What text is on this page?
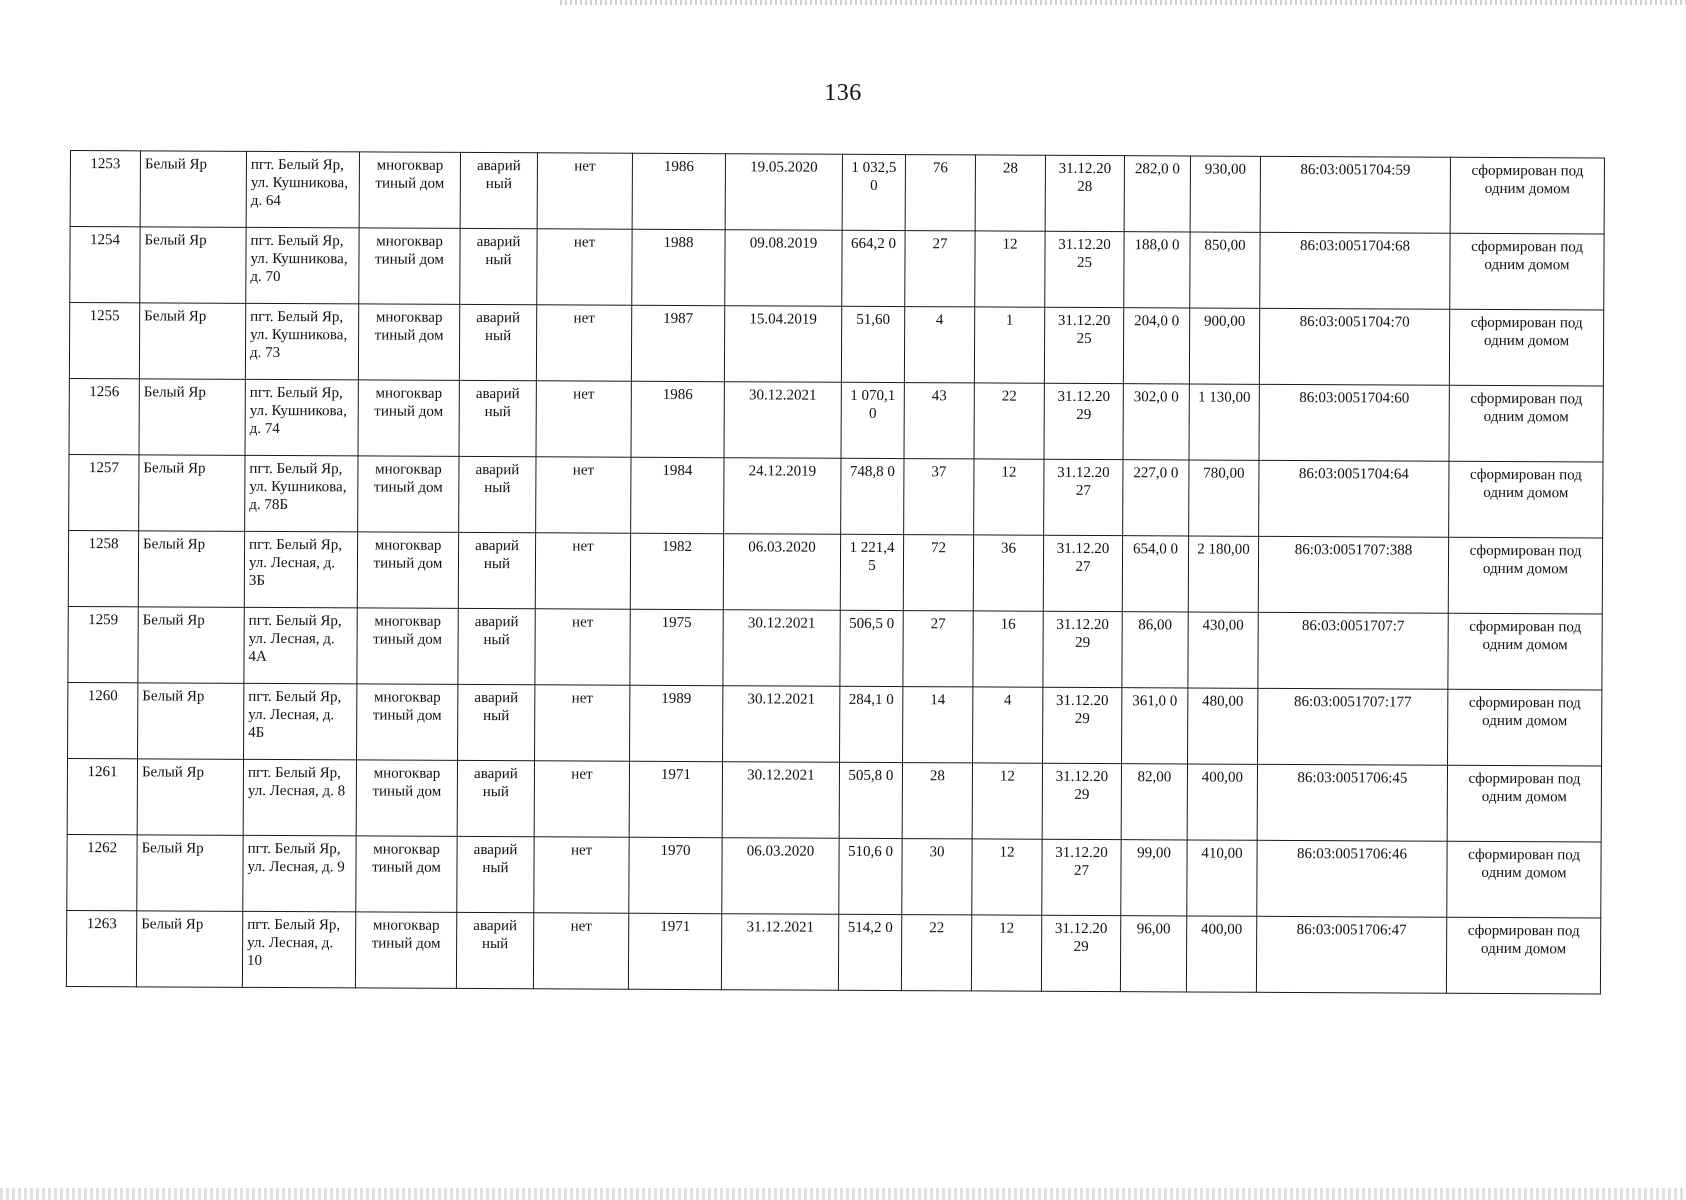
136
1253	Белый Яр	пгт. Белый Яр, ул. Кушникова, д. 64	многоквар тиный дом	аварий ный	нет	1986	19.05.2020	1 032,5 0	76	28	31.12.20 28	282,0 0	930,00	86:03:0051704:59	сформирован под одним домом
1254	Белый Яр	пгт. Белый Яр, ул. Кушникова, д. 70	многоквар тиный дом	аварий ный	нет	1988	09.08.2019	664,2 0	27	12	31.12.20 25	188,0 0	850,00	86:03:0051704:68	сформирован под одним домом
1255	Белый Яр	пгт. Белый Яр, ул. Кушникова, д. 73	многоквар тиный дом	аварий ный	нет	1987	15.04.2019	51,60	4	1	31.12.20 25	204,0 0	900,00	86:03:0051704:70	сформирован под одним домом
1256	Белый Яр	пгт. Белый Яр, ул. Кушникова, д. 74	многоквар тиный дом	аварий ный	нет	1986	30.12.2021	1 070,1 0	43	22	31.12.20 29	302,0 0	1 130,00	86:03:0051704:60	сформирован под одним домом
1257	Белый Яр	пгт. Белый Яр, ул. Кушникова, д. 78Б	многоквар тиный дом	аварий ный	нет	1984	24.12.2019	748,8 0	37	12	31.12.20 27	227,0 0	780,00	86:03:0051704:64	сформирован под одним домом
1258	Белый Яр	пгт. Белый Яр, ул. Лесная, д. 3Б	многоквар тиный дом	аварий ный	нет	1982	06.03.2020	1 221,4 5	72	36	31.12.20 27	654,0 0	2 180,00	86:03:0051707:388	сформирован под одним домом
1259	Белый Яр	пгт. Белый Яр, ул. Лесная, д. 4А	многоквар тиный дом	аварий ный	нет	1975	30.12.2021	506,5 0	27	16	31.12.20 29	86,00	430,00	86:03:0051707:7	сформирован под одним домом
1260	Белый Яр	пгт. Белый Яр, ул. Лесная, д. 4Б	многоквар тиный дом	аварий ный	нет	1989	30.12.2021	284,1 0	14	4	31.12.20 29	361,0 0	480,00	86:03:0051707:177	сформирован под одним домом
1261	Белый Яр	пгт. Белый Яр, ул. Лесная, д. 8	многоквар тиный дом	аварий ный	нет	1971	30.12.2021	505,8 0	28	12	31.12.20 29	82,00	400,00	86:03:0051706:45	сформирован под одним домом
1262	Белый Яр	пгт. Белый Яр, ул. Лесная, д. 9	многоквар тиный дом	аварий ный	нет	1970	06.03.2020	510,6 0	30	12	31.12.20 27	99,00	410,00	86:03:0051706:46	сформирован под одним домом
1263	Белый Яр	пгт. Белый Яр, ул. Лесная, д. 10	многоквар тиный дом	аварий ный	нет	1971	31.12.2021	514,2 0	22	12	31.12.20 29	96,00	400,00	86:03:0051706:47	сформирован под одним домом
